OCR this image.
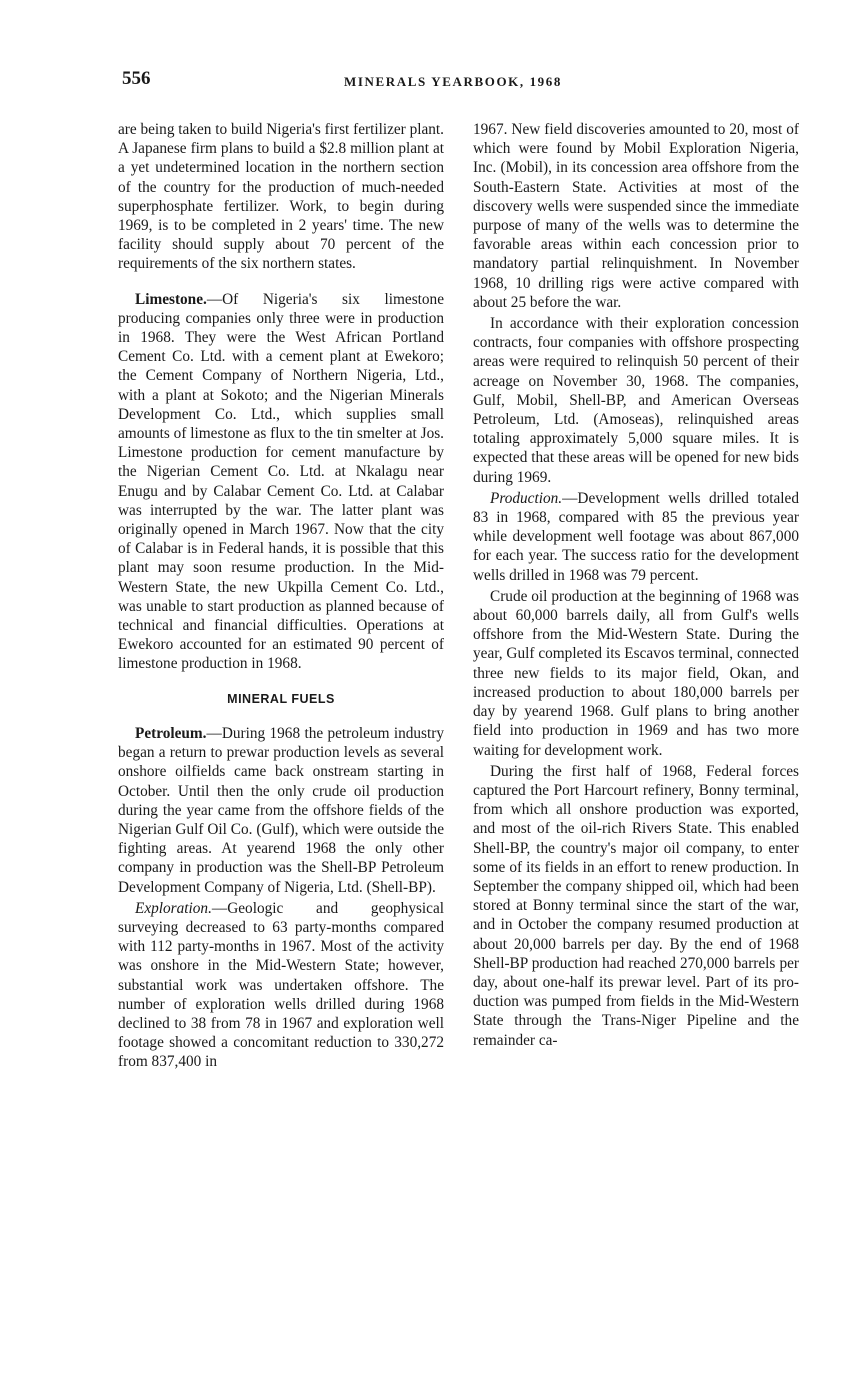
556	MINERALS YEARBOOK, 1968

are being taken to build Nigeria's first fertilizer plant. A Japanese firm plans to build a $2.8 million plant at a yet undetermined location in the northern section of the country for the production of much-needed superphosphate fertilizer. Work, to begin during 1969, is to be completed in 2 years' time. The new facility should supply about 70 percent of the requirements of the six northern states.

Limestone.—Of Nigeria's six limestone producing companies only three were in production in 1968. They were the West African Portland Cement Co. Ltd. with a cement plant at Ewekoro; the Cement Company of Northern Nigeria, Ltd., with a plant at Sokoto; and the Nigerian Minerals Development Co. Ltd., which supplies small amounts of limestone as flux to the tin smelter at Jos. Limestone production for cement manufacture by the Nigerian Cement Co. Ltd. at Nkalagu near Enugu and by Calabar Cement Co. Ltd. at Calabar was interrupted by the war. The latter plant was originally opened in March 1967. Now that the city of Calabar is in Federal hands, it is possible that this plant may soon resume production. In the Mid-Western State, the new Ukpilla Cement Co. Ltd., was unable to start production as planned because of technical and financial difficulties. Operations at Ewekoro accounted for an estimated 90 percent of limestone production in 1968.

MINERAL FUELS

Petroleum.—During 1968 the petroleum industry began a return to prewar production levels as several onshore oilfields came back onstream starting in October. Until then the only crude oil production during the year came from the offshore fields of the Nigerian Gulf Oil Co. (Gulf), which were outside the fighting areas. At yearend 1968 the only other company in production was the Shell-BP Petroleum Development Company of Nigeria, Ltd. (Shell-BP).

Exploration.—Geologic and geophysical surveying decreased to 63 party-months compared with 112 party-months in 1967. Most of the activity was onshore in the Mid-Western State; however, substantial work was undertaken offshore. The number of exploration wells drilled during 1968 declined to 38 from 78 in 1967 and exploration well footage showed a concomitant reduction to 330,272 from 837,400 in

1967. New field discoveries amounted to 20, most of which were found by Mobil Exploration Nigeria, Inc. (Mobil), in its concession area offshore from the South-Eastern State. Activities at most of the discovery wells were suspended since the immediate purpose of many of the wells was to determine the favorable areas within each concession prior to mandatory partial relinquishment. In November 1968, 10 drilling rigs were active compared with about 25 before the war.

In accordance with their exploration concession contracts, four companies with offshore prospecting areas were required to relinquish 50 percent of their acreage on November 30, 1968. The companies, Gulf, Mobil, Shell-BP, and American Overseas Petroleum, Ltd. (Amoseas), relinquished areas totaling approximately 5,000 square miles. It is expected that these areas will be opened for new bids during 1969.

Production.—Development wells drilled totaled 83 in 1968, compared with 85 the previous year while development well footage was about 867,000 for each year. The success ratio for the development wells drilled in 1968 was 79 percent.

Crude oil production at the beginning of 1968 was about 60,000 barrels daily, all from Gulf's wells offshore from the Mid-Western State. During the year, Gulf completed its Escavos terminal, connected three new fields to its major field, Okan, and increased production to about 180,000 barrels per day by yearend 1968. Gulf plans to bring another field into production in 1969 and has two more waiting for development work.

During the first half of 1968, Federal forces captured the Port Harcourt refinery, Bonny terminal, from which all onshore production was exported, and most of the oil-rich Rivers State. This enabled Shell-BP, the country's major oil company, to enter some of its fields in an effort to renew production. In September the company shipped oil, which had been stored at Bonny terminal since the start of the war, and in October the company resumed production at about 20,000 barrels per day. By the end of 1968 Shell-BP production had reached 270,000 barrels per day, about one-half its prewar level. Part of its production was pumped from fields in the Mid-Western State through the Trans-Niger Pipeline and the remainder ca-
